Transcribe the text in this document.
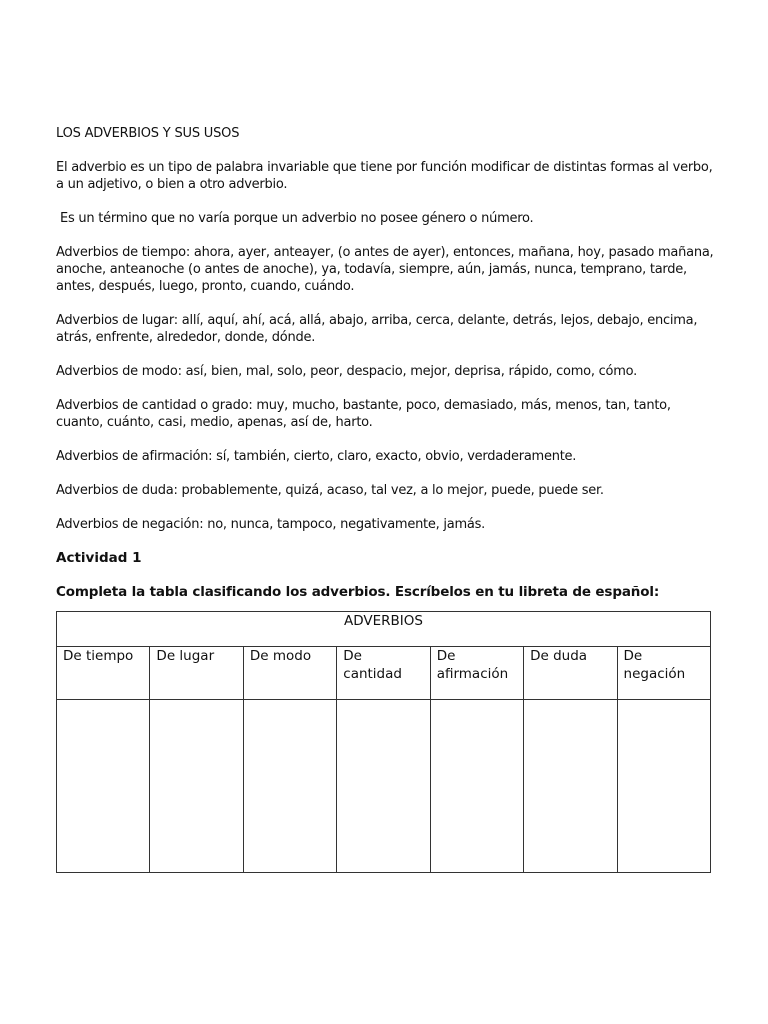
LOS ADVERBIOS Y SUS USOS

El adverbio es un tipo de palabra invariable que tiene por función modificar de distintas formas al verbo, a un adjetivo, o bien a otro adverbio.

Es un término que no varía porque un adverbio no posee género o número.

Adverbios de tiempo: ahora, ayer, anteayer, (o antes de ayer), entonces, mañana, hoy, pasado mañana, anoche, anteanoche (o antes de anoche), ya, todavía, siempre, aún, jamás, nunca, temprano, tarde, antes, después, luego, pronto, cuando, cuándo.

Adverbios de lugar: allí, aquí, ahí, acá, allá, abajo, arriba, cerca, delante, detrás, lejos, debajo, encima, atrás, enfrente, alrededor, donde, dónde.

Adverbios de modo: así, bien, mal, solo, peor, despacio, mejor, deprisa, rápido, como, cómo.

Adverbios de cantidad o grado: muy, mucho, bastante, poco, demasiado, más, menos, tan, tanto, cuanto, cuánto, casi, medio, apenas, así de, harto.

Adverbios de afirmación: sí, también, cierto, claro, exacto, obvio, verdaderamente.

Adverbios de duda: probablemente, quizá, acaso, tal vez, a lo mejor, puede, puede ser.

Adverbios de negación: no, nunca, tampoco, negativamente, jamás.

Actividad 1

Completa la tabla clasificando los adverbios. Escríbelos en tu libreta de español:

ADVERBIOS						
De tiempo	De lugar	De modo	De cantidad	De afirmación	De duda	De negación
